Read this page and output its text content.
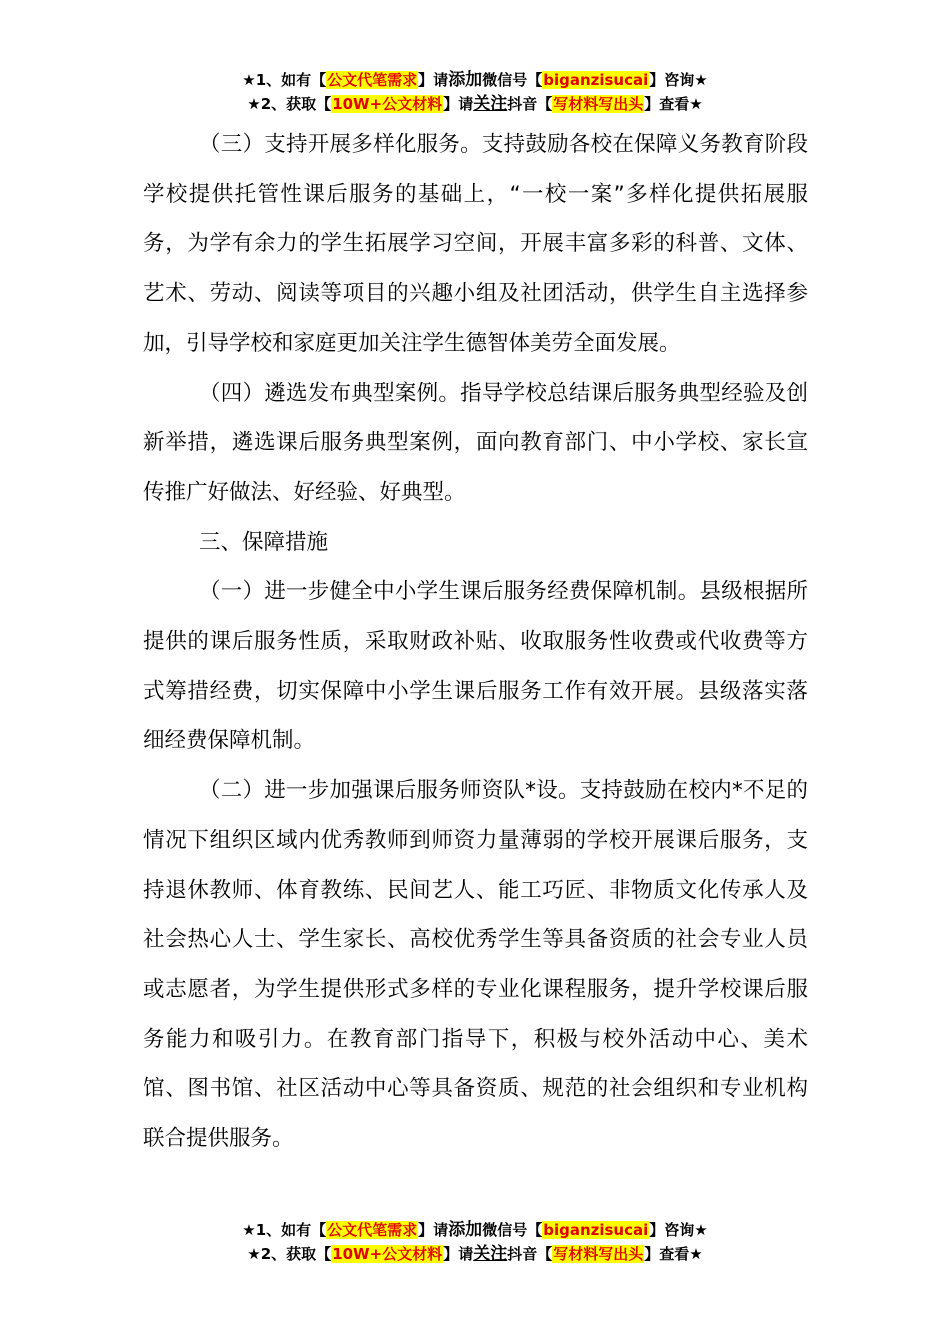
★1、如有【公文代笔需求】请添加微信号【biganzisucai】咨询★
★2、获取【10W+公文材料】请关注抖音【写材料写出头】查看★

（三）支持开展多样化服务。支持鼓励各校在保障义务教育阶段学校提供托管性课后服务的基础上，“一校一案”多样化提供拓展服务，为学有余力的学生拓展学习空间，开展丰富多彩的科普、文体、艺术、劳动、阅读等项目的兴趣小组及社团活动，供学生自主选择参加，引导学校和家庭更加关注学生德智体美劳全面发展。

（四）遴选发布典型案例。指导学校总结课后服务典型经验及创新举措，遴选课后服务典型案例，面向教育部门、中小学校、家长宣传推广好做法、好经验、好典型。

三、保障措施

（一）进一步健全中小学生课后服务经费保障机制。县级根据所提供的课后服务性质，采取财政补贴、收取服务性收费或代收费等方式筹措经费，切实保障中小学生课后服务工作有效开展。县级落实落细经费保障机制。

（二）进一步加强课后服务师资队*设。支持鼓励在校内*不足的情况下组织区域内优秀教师到师资力量薄弱的学校开展课后服务，支持退休教师、体育教练、民间艺人、能工巧匠、非物质文化传承人及社会热心人士、学生家长、高校优秀学生等具备资质的社会专业人员或志愿者，为学生提供形式多样的专业化课程服务，提升学校课后服务能力和吸引力。在教育部门指导下，积极与校外活动中心、美术馆、图书馆、社区活动中心等具备资质、规范的社会组织和专业机构联合提供服务。

★1、如有【公文代笔需求】请添加微信号【biganzisucai】咨询★
★2、获取【10W+公文材料】请关注抖音【写材料写出头】查看★
